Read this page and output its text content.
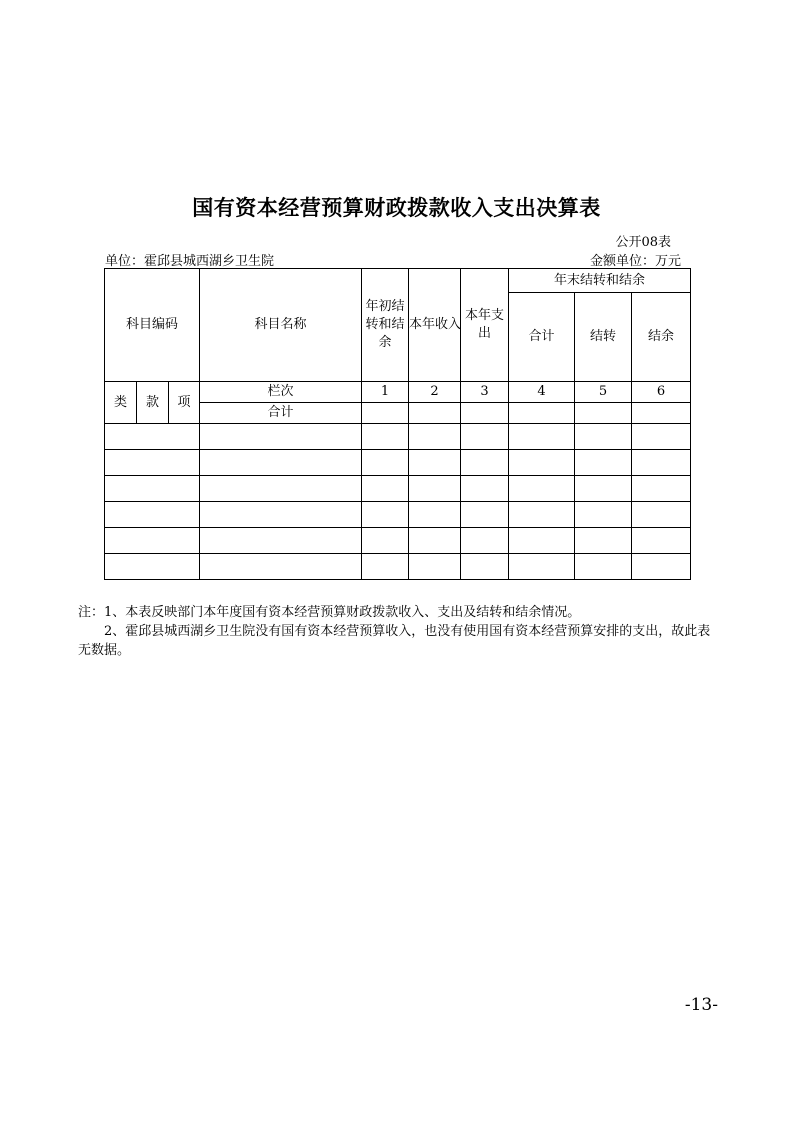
国有资本经营预算财政拨款收入支出决算表
公开08表
单位：霍邱县城西湖乡卫生院	金额单位：万元
科目编码			科目名称	年初结转和结余	本年收入	本年支出	年末结转和结余		
							合计	结转	结余
类	款	项	栏次	1	2	3	4	5	6
			合计						

注：1、本表反映部门本年度国有资本经营预算财政拨款收入、支出及结转和结余情况。
2、霍邱县城西湖乡卫生院没有国有资本经营预算收入，也没有使用国有资本经营预算安排的支出，故此表无数据。
-13-
